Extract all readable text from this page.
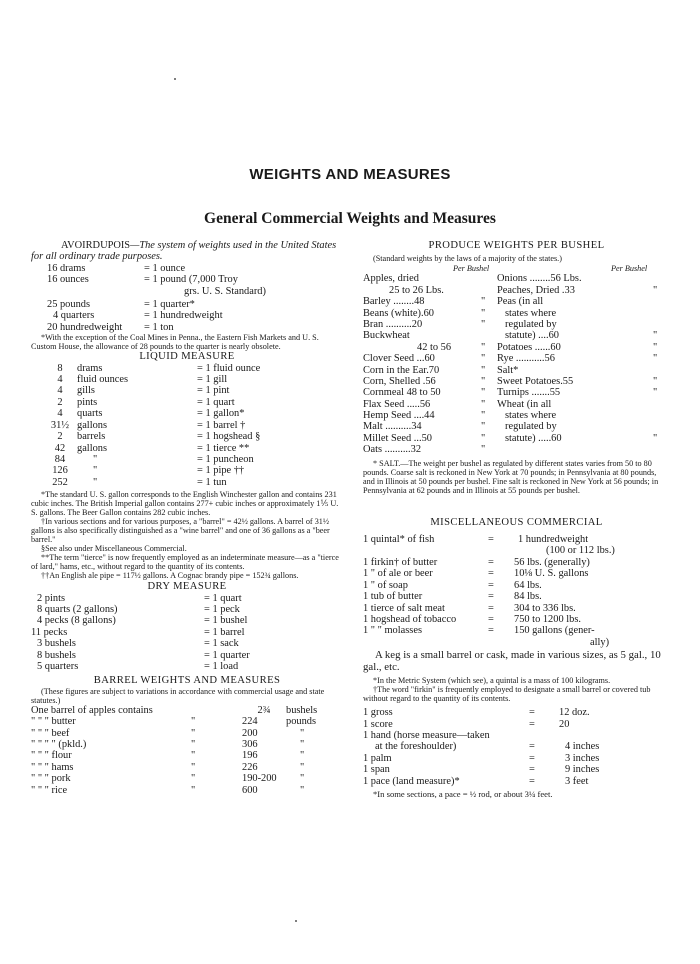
WEIGHTS AND MEASURES
General Commercial Weights and Measures

AVOIRDUPOIS—The system of weights used in the United States for all ordinary trade purposes.

16 drams	= 1 ounce
16 ounces	= 1 pound (7,000 Troy
	grs. U. S. Standard)
25 pounds	= 1 quarter*
4 quarters	= 1 hundredweight
20 hundredweight	= 1 ton

*With the exception of the Coal Mines in Penna., the Eastern Fish Markets and U. S. Custom House, the allowance of 28 pounds to the quarter is nearly obsolete.

LIQUID MEASURE

8	drams	= 1 fluid ounce
4	fluid ounces	= 1 gill
4	gills	= 1 pint
2	pints	= 1 quart
4	quarts	= 1 gallon*
31½	gallons	= 1 barrel †
2	barrels	= 1 hogshead §
42	gallons	= 1 tierce **
84	"	= 1 puncheon
126	"	= 1 pipe ††
252	"	= 1 tun

*The standard U. S. gallon corresponds to the English Winchester gallon and contains 231 cubic inches. The British Imperial gallon contains 277+ cubic inches or approximately 1⅕ U. S. gallons. The Beer Gallon contains 282 cubic inches.

†In various sections and for various purposes, a "barrel" = 42½ gallons. A barrel of 31½ gallons is also specifically distinguished as a "wine barrel" and one of 36 gallons as a "beer barrel."

§See also under Miscellaneous Commercial.

**The term "tierce" is now frequently employed as an indeterminate measure—as a "tierce of lard," hams, etc., without regard to the quantity of its contents.

††An English ale pipe = 117½ gallons. A Cognac brandy pipe = 152¾ gallons.

DRY MEASURE

2 pints	= 1 quart
8 quarts (2 gallons)	= 1 peck
4 pecks (8 gallons)	= 1 bushel
11 pecks	= 1 barrel
3 bushels	= 1 sack
8 bushels	= 1 quarter
5 quarters	= 1 load

BARREL WEIGHTS AND MEASURES

(These figures are subject to variations in accordance with commercial usage and state statutes.)

One barrel of apples contains		2¾	bushels
" " " butter	"	224	pounds
" " " beef	"	200	"
" " " " (pkld.)	"	306	"
" " " flour	"	196	"
" " " hams	"	226	"
" " " pork	"	190-200	"
" " " rice	"	600	"

PRODUCE WEIGHTS PER BUSHEL

(Standard weights by the laws of a majority of the states.)

Per Bushel	Per Bushel
Apples, dried
25 to 26 Lbs.
Barley ........48	"
Beans (white).60	"
Bran ..........20	"
Buckwheat
42 to 56	"
Clover Seed ...60	"
Corn in the Ear.70	"
Corn, Shelled .56	"
Cornmeal 48 to 50	"
Flax Seed .....56	"
Hemp Seed ....44	"
Malt ..........34	"
Millet Seed ...50	"
Oats ..........32	"
Onions ........56 Lbs.
Peaches, Dried .33	"
Peas (in all
states where
regulated by
statute) ....60	"
Potatoes ......60	"
Rye ...........56	"
Salt*
Sweet Potatoes.55	"
Turnips .......55	"
Wheat (in all
states where
regulated by
statute) .....60	"

* SALT.—The weight per bushel as regulated by different states varies from 50 to 80 pounds. Coarse salt is reckoned in New York at 70 pounds; in Pennsylvania at 80 pounds, and in Illinois at 50 pounds per bushel. Fine salt is reckoned in New York at 56 pounds; in Pennsylvania at 62 pounds and in Illinois at 55 pounds per bushel.

MISCELLANEOUS COMMERCIAL

1 quintal* of fish	=	1 hundredweight
		(100 or 112 lbs.)
1 firkin† of butter	=	56 lbs. (generally)
1 " of ale or beer	=	10⅛ U. S. gallons
1 " of soap	=	64 lbs.
1 tub of butter	=	84 lbs.
1 tierce of salt meat	=	304 to 336 lbs.
1 hogshead of tobacco	=	750 to 1200 lbs.
1 " " molasses	=	150 gallons (gener-
		ally)

A keg is a small barrel or cask, made in various sizes, as 5 gal., 10 gal., etc.

*In the Metric System (which see), a quintal is a mass of 100 kilograms.

†The word "firkin" is frequently employed to designate a small barrel or covered tub without regard to the quantity of its contents.

1 gross	=	12 doz.
1 score	=	20
1 hand (horse measure—taken		
at the foreshoulder)	=	4 inches
1 palm	=	3 inches
1 span	=	9 inches
1 pace (land measure)*	=	3 feet

*In some sections, a pace = ½ rod, or about 3¼ feet.
